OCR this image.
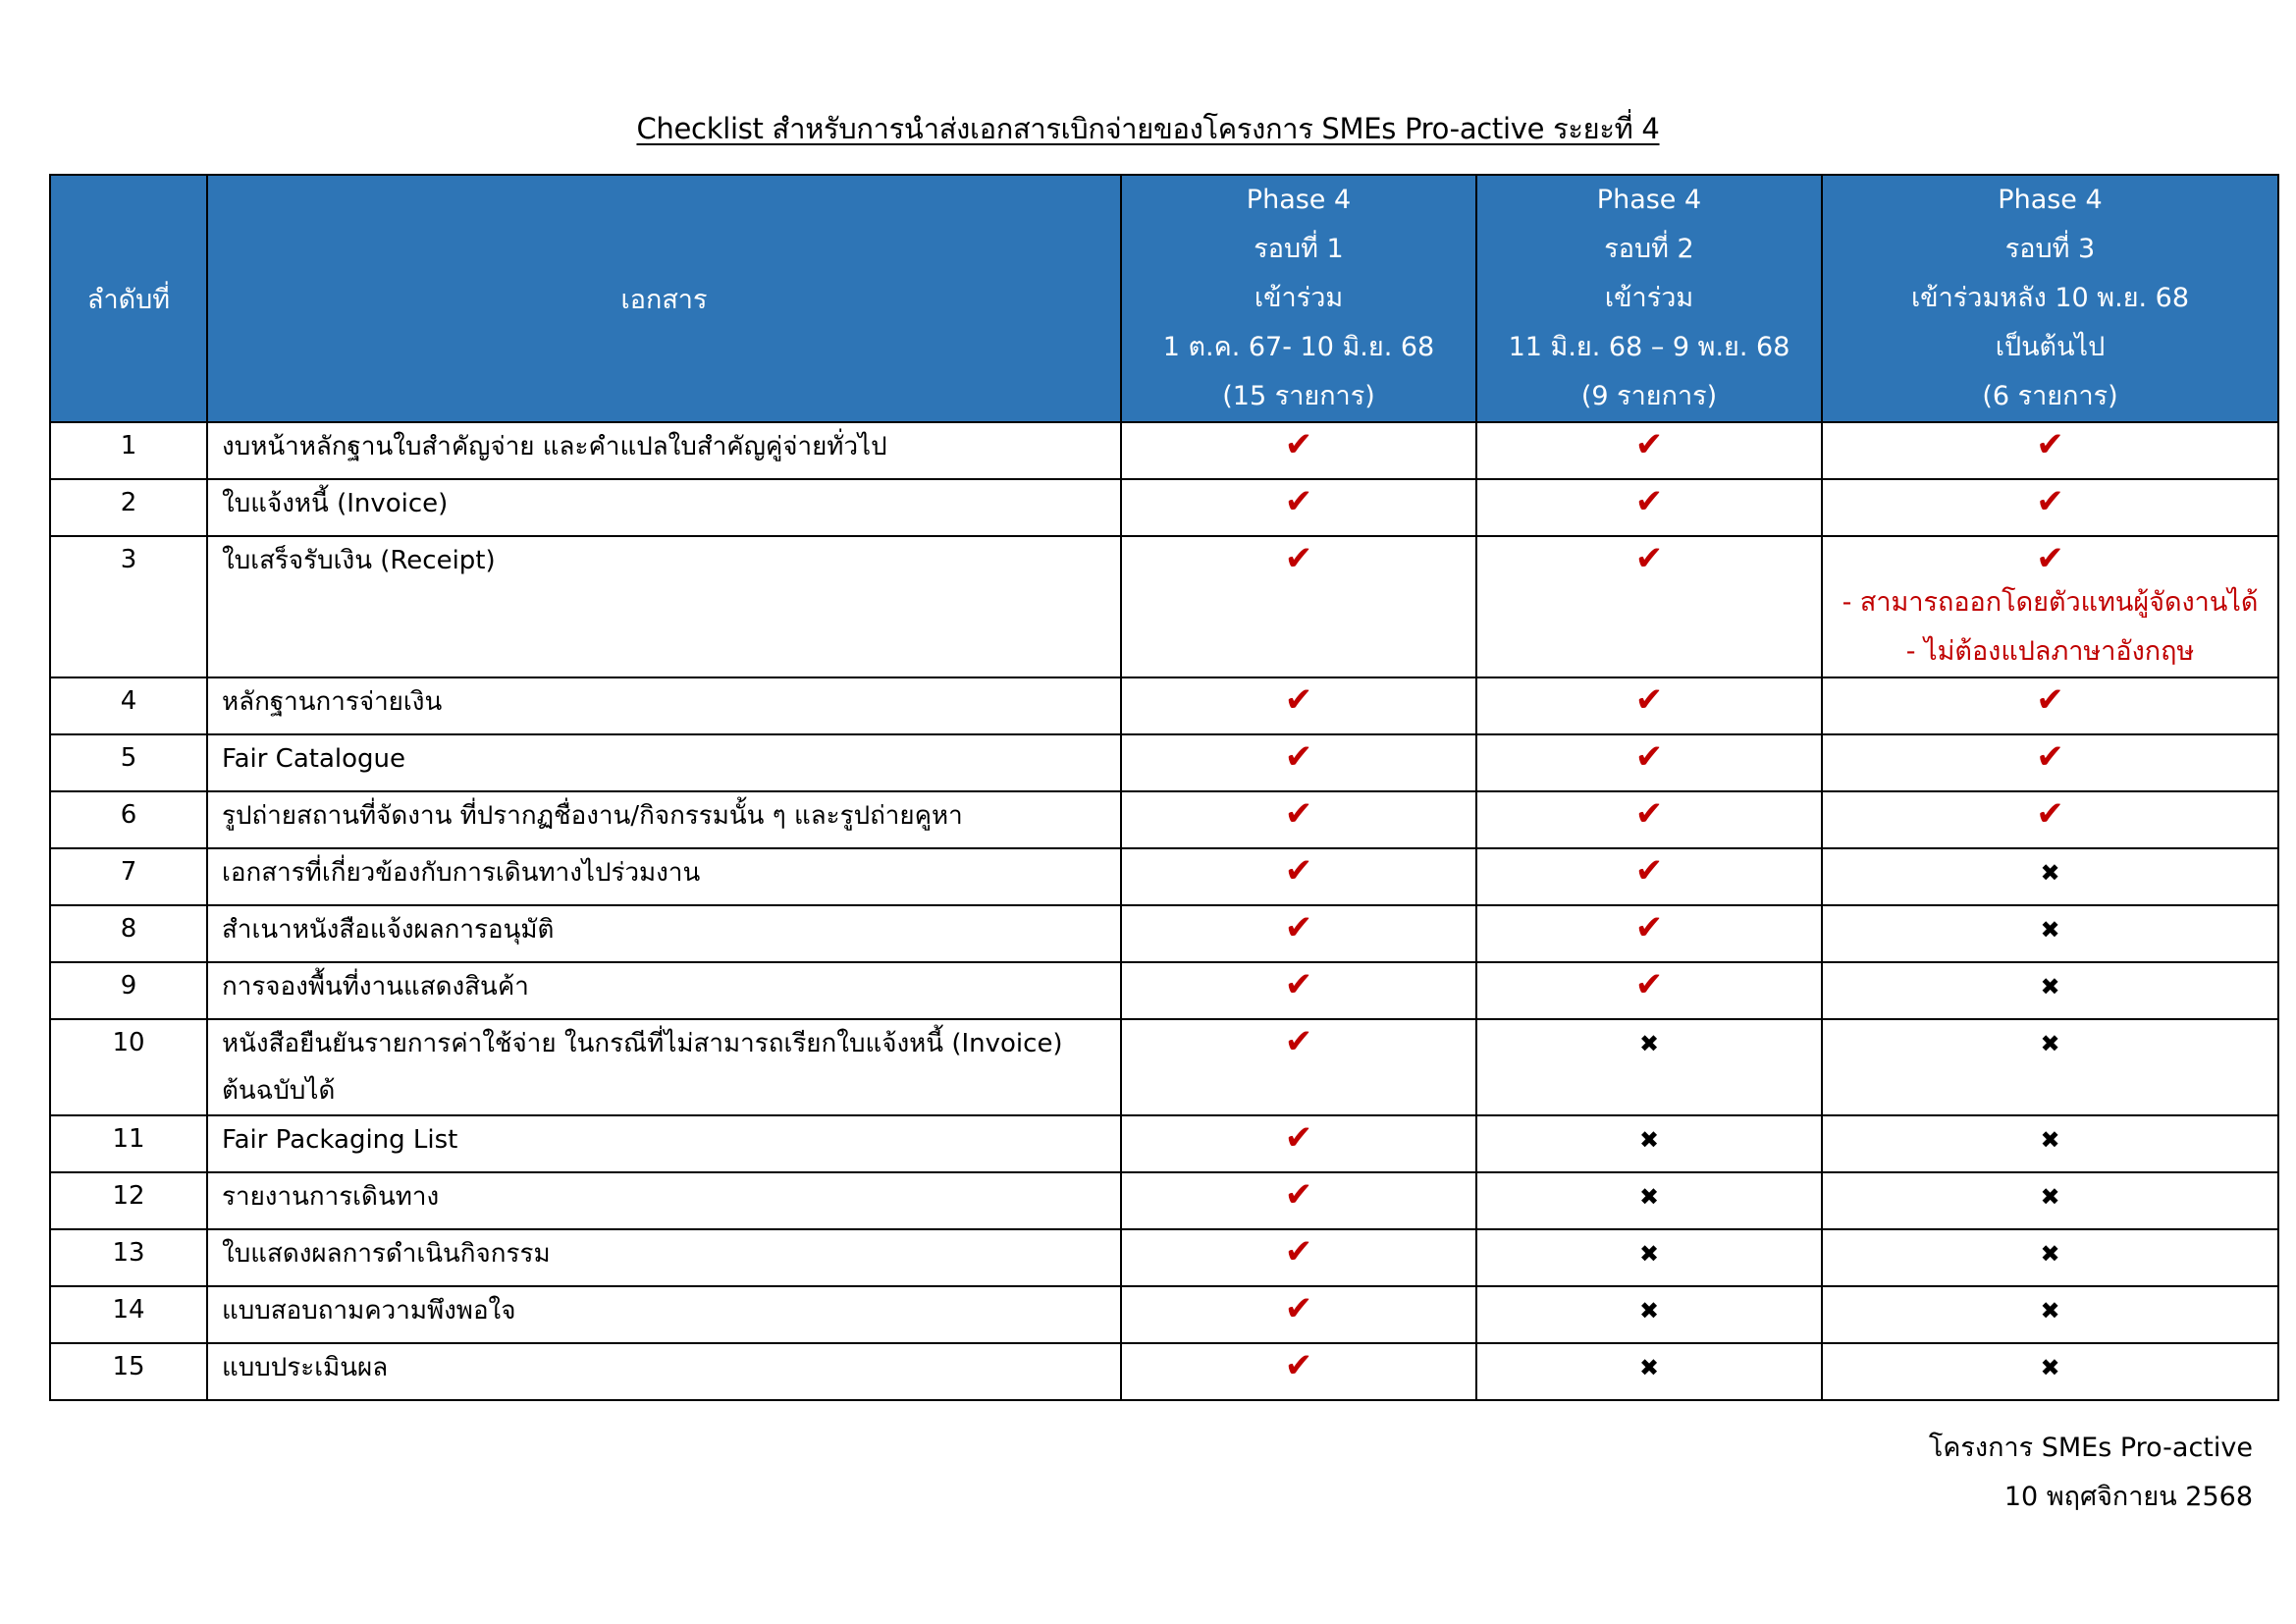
Checklist สำหรับการนำส่งเอกสารเบิกจ่ายของโครงการ SMEs Pro-active ระยะที่ 4
ลำดับที่	เอกสาร	Phase 4
รอบที่ 1
เข้าร่วม
1 ต.ค. 67- 10 มิ.ย. 68
(15 รายการ)	Phase 4
รอบที่ 2
เข้าร่วม
11 มิ.ย. 68 – 9 พ.ย. 68
(9 รายการ)	Phase 4
รอบที่ 3
เข้าร่วมหลัง 10 พ.ย. 68
เป็นต้นไป
(6 รายการ)

1	งบหน้าหลักฐานใบสำคัญจ่าย และคำแปลใบสำคัญคู่จ่ายทั่วไป	✔	✔	✔
2	ใบแจ้งหนี้ (Invoice)	✔	✔	✔
3	ใบเสร็จรับเงิน (Receipt)	✔	✔	✔
- สามารถออกโดยตัวแทนผู้จัดงานได้
- ไม่ต้องแปลภาษาอังกฤษ

4	หลักฐานการจ่ายเงิน	✔	✔	✔
5	Fair Catalogue	✔	✔	✔
6	รูปถ่ายสถานที่จัดงาน ที่ปรากฏชื่องาน/กิจกรรมนั้น ๆ และรูปถ่ายคูหา	✔	✔	✔
7	เอกสารที่เกี่ยวข้องกับการเดินทางไปร่วมงาน	✔	✔	✖
8	สำเนาหนังสือแจ้งผลการอนุมัติ	✔	✔	✖
9	การจองพื้นที่งานแสดงสินค้า	✔	✔	✖
10	หนังสือยืนยันรายการค่าใช้จ่าย ในกรณีที่ไม่สามารถเรียกใบแจ้งหนี้ (Invoice)
ต้นฉบับได้	✔	✖	✖
11	Fair Packaging List	✔	✖	✖
12	รายงานการเดินทาง	✔	✖	✖
13	ใบแสดงผลการดำเนินกิจกรรม	✔	✖	✖
14	แบบสอบถามความพึงพอใจ	✔	✖	✖
15	แบบประเมินผล	✔	✖	✖
โครงการ SMEs Pro-active
10 พฤศจิกายน 2568
